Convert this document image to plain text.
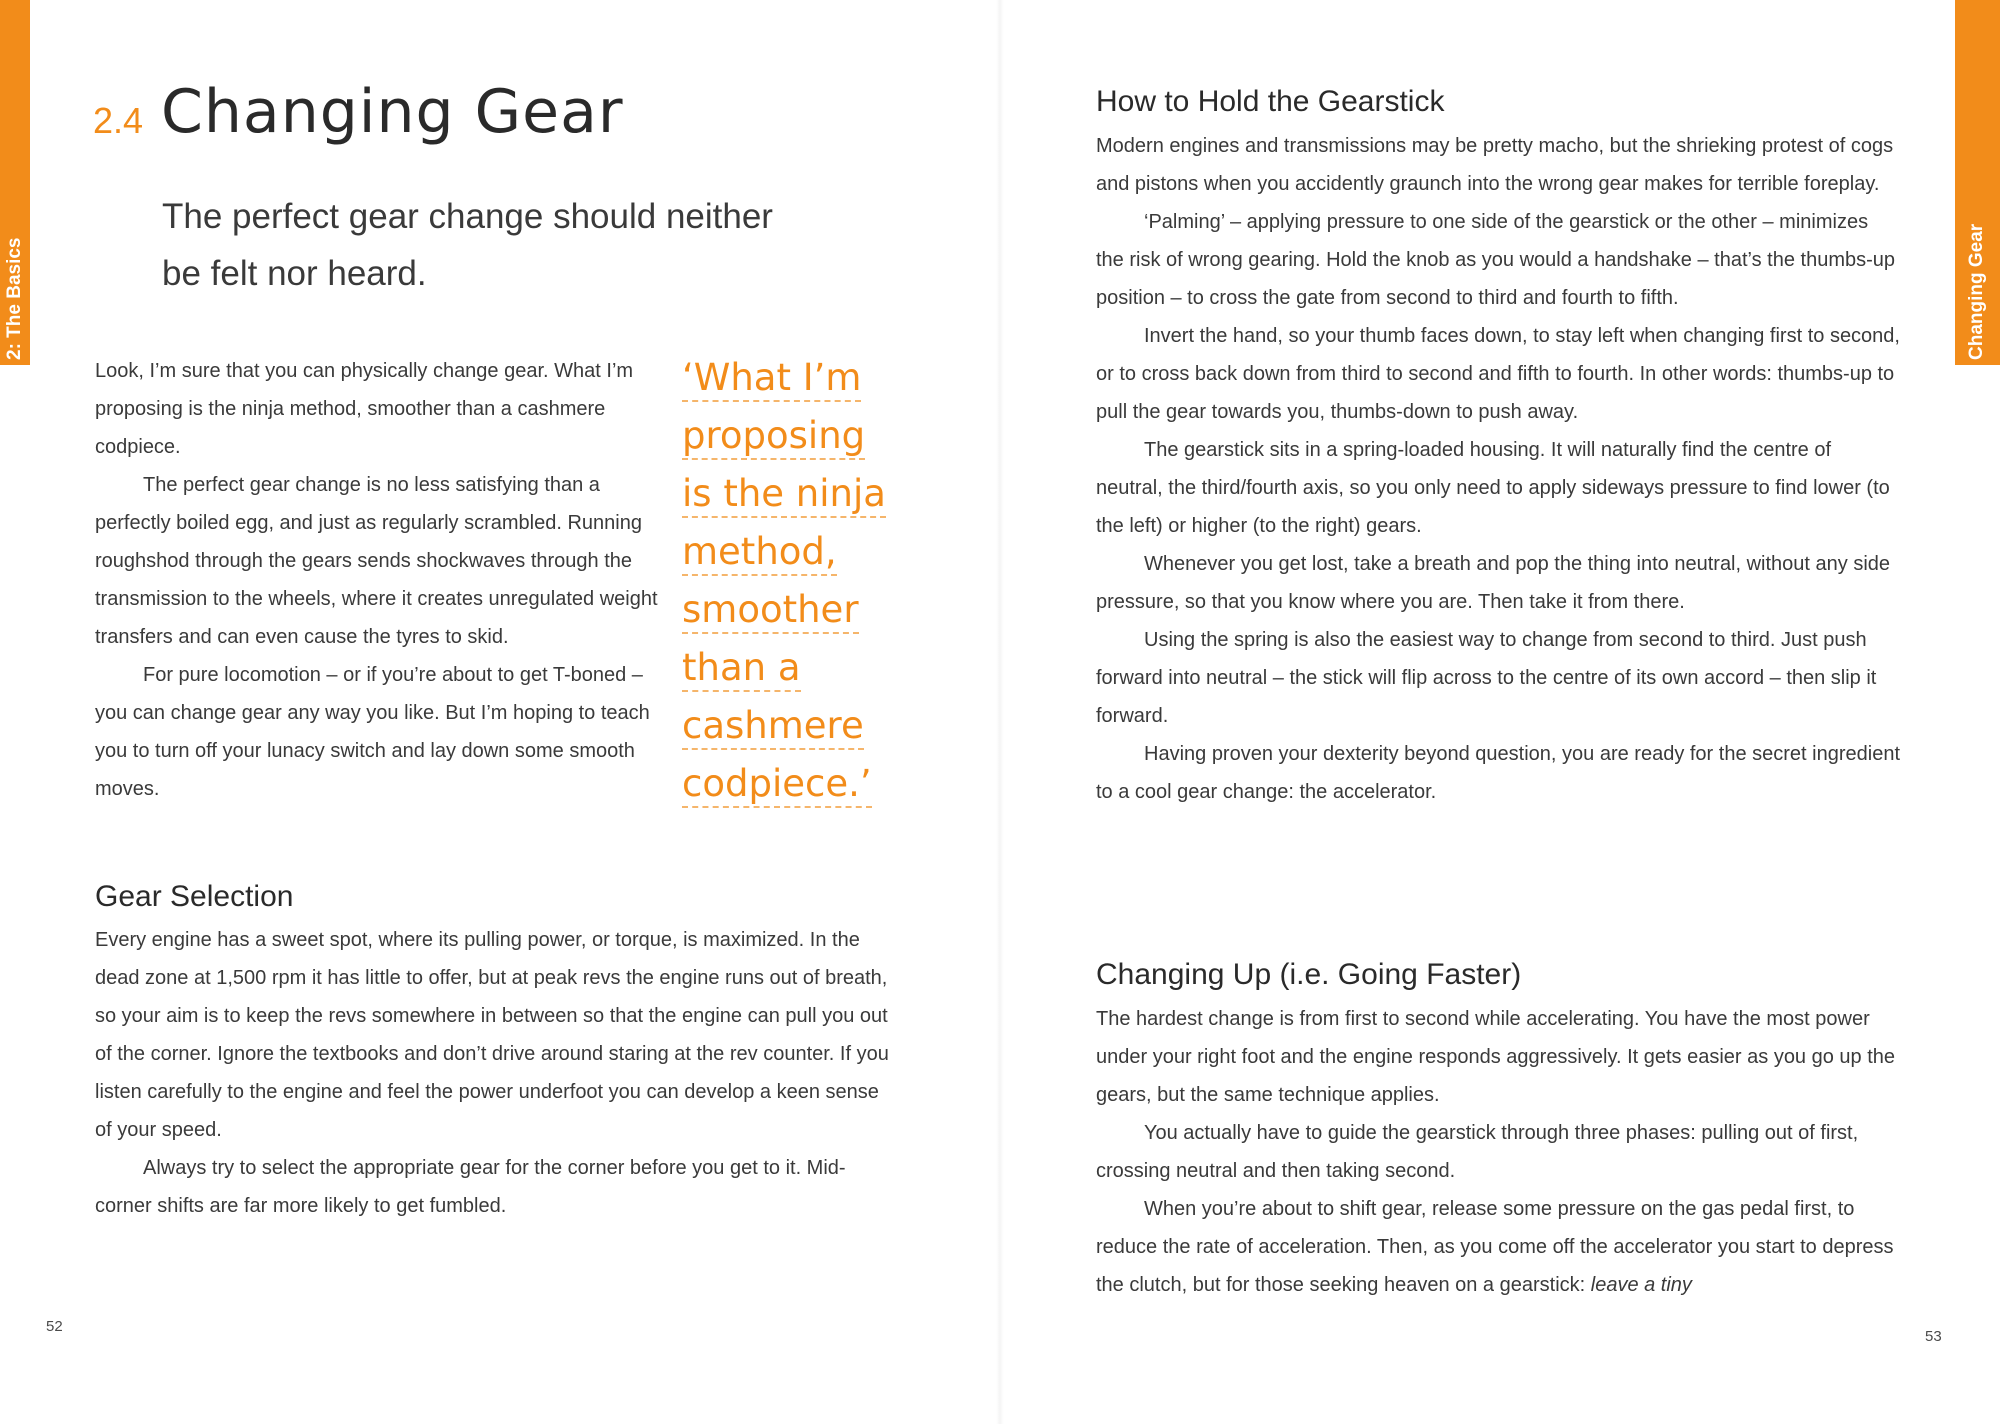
2: The Basics
2.4 Changing Gear
The perfect gear change should neither
be felt nor heard.

Look, I’m sure that you can physically change gear. What I’m proposing is the ninja method, smoother than a cashmere codpiece.

The perfect gear change is no less satisfying than a perfectly boiled egg, and just as regularly scrambled. Running roughshod through the gears sends shockwaves through the transmission to the wheels, where it creates unregulated weight transfers and can even cause the tyres to skid.

For pure locomotion – or if you’re about to get T-boned – you can change gear any way you like. But I’m hoping to teach you to turn off your lunacy switch and lay down some smooth moves.

‘What I’m proposing is the ninja method, smoother than a cashmere codpiece.’
Gear Selection

Every engine has a sweet spot, where its pulling power, or torque, is maximized. In the dead zone at 1,500 rpm it has little to offer, but at peak revs the engine runs out of breath, so your aim is to keep the revs somewhere in between so that the engine can pull you out of the corner. Ignore the textbooks and don’t drive around staring at the rev counter. If you listen carefully to the engine and feel the power underfoot you can develop a keen sense of your speed.

Always try to select the appropriate gear for the corner before you get to it. Mid-corner shifts are far more likely to get fumbled.

52
How to Hold the Gearstick

Modern engines and transmissions may be pretty macho, but the shrieking protest of cogs and pistons when you accidently graunch into the wrong gear makes for terrible foreplay.

‘Palming’ – applying pressure to one side of the gearstick or the other – minimizes the risk of wrong gearing. Hold the knob as you would a handshake – that’s the thumbs-up position – to cross the gate from second to third and fourth to fifth.

Invert the hand, so your thumb faces down, to stay left when changing first to second, or to cross back down from third to second and fifth to fourth. In other words: thumbs-up to pull the gear towards you, thumbs-down to push away.

The gearstick sits in a spring-loaded housing. It will naturally find the centre of neutral, the third/fourth axis, so you only need to apply sideways pressure to find lower (to the left) or higher (to the right) gears.

Whenever you get lost, take a breath and pop the thing into neutral, without any side pressure, so that you know where you are. Then take it from there.

Using the spring is also the easiest way to change from second to third. Just push forward into neutral – the stick will flip across to the centre of its own accord – then slip it forward.

Having proven your dexterity beyond question, you are ready for the secret ingredient to a cool gear change: the accelerator.

Changing Up (i.e. Going Faster)

The hardest change is from first to second while accelerating. You have the most power under your right foot and the engine responds aggressively. It gets easier as you go up the gears, but the same technique applies.

You actually have to guide the gearstick through three phases: pulling out of first, crossing neutral and then taking second.

When you’re about to shift gear, release some pressure on the gas pedal first, to reduce the rate of acceleration. Then, as you come off the accelerator you start to depress the clutch, but for those seeking heaven on a gearstick: leave a tiny

53
Changing Gear
